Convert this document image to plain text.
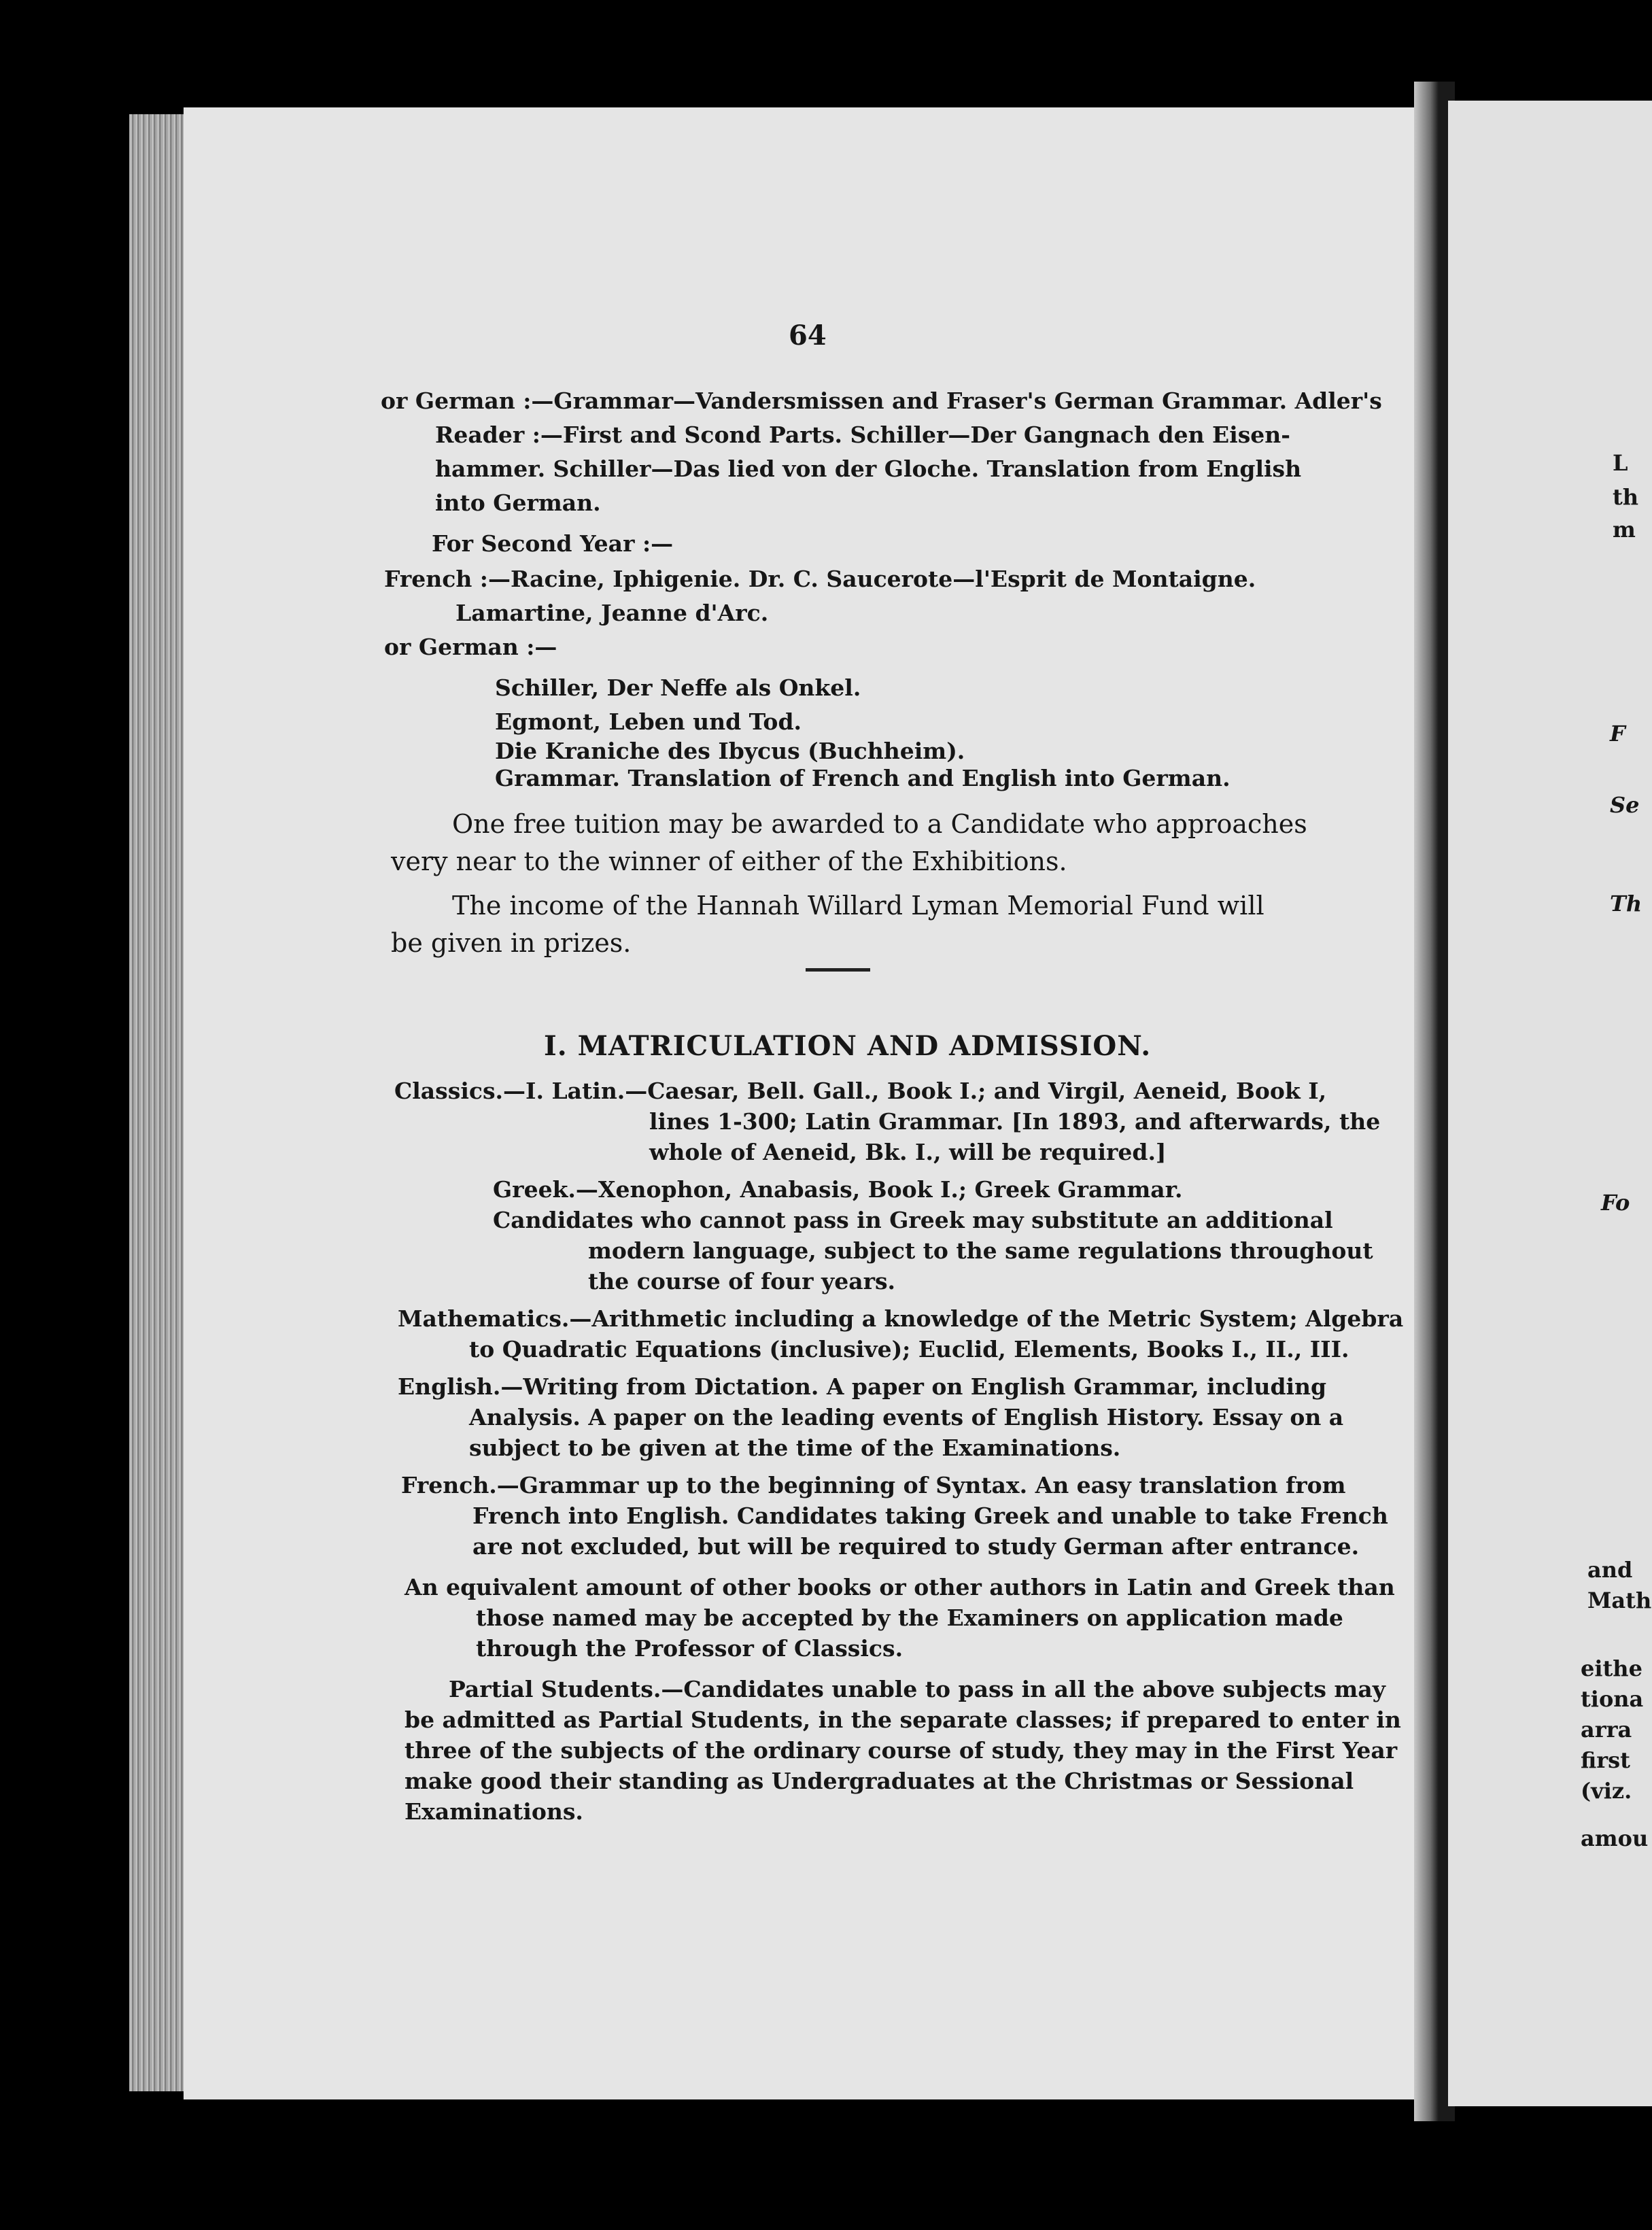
64
or German :—Grammar—Vandersmissen and Fraser's German Grammar. Adler's
Reader :—First and Scond Parts. Schiller—Der Gangnach den Eisen-
hammer. Schiller—Das lied von der Gloche. Translation from English
into German.
For Second Year :—
French :—Racine, Iphigenie. Dr. C. Saucerote—l'Esprit de Montaigne.
Lamartine, Jeanne d'Arc.
or German :—
Schiller, Der Neffe als Onkel.
Egmont, Leben und Tod.
Die Kraniche des Ibycus (Buchheim).
Grammar. Translation of French and English into German.
One free tuition may be awarded to a Candidate who approaches
very near to the winner of either of the Exhibitions.
The income of the Hannah Willard Lyman Memorial Fund will
be given in prizes.
I. MATRICULATION AND ADMISSION.
Classics.—I. Latin.—Caesar, Bell. Gall., Book I.; and Virgil, Aeneid, Book I,
lines 1-300; Latin Grammar. [In 1893, and afterwards, the
whole of Aeneid, Bk. I., will be required.]
Greek.—Xenophon, Anabasis, Book I.; Greek Grammar.
Candidates who cannot pass in Greek may substitute an additional
modern language, subject to the same regulations throughout
the course of four years.
Mathematics.—Arithmetic including a knowledge of the Metric System; Algebra
to Quadratic Equations (inclusive); Euclid, Elements, Books I., II., III.
English.—Writing from Dictation. A paper on English Grammar, including
Analysis. A paper on the leading events of English History. Essay on a
subject to be given at the time of the Examinations.
French.—Grammar up to the beginning of Syntax. An easy translation from
French into English. Candidates taking Greek and unable to take French
are not excluded, but will be required to study German after entrance.
An equivalent amount of other books or other authors in Latin and Greek than
those named may be accepted by the Examiners on application made
through the Professor of Classics.
Partial Students.—Candidates unable to pass in all the above subjects may
be admitted as Partial Students, in the separate classes; if prepared to enter in
three of the subjects of the ordinary course of study, they may in the First Year
make good their standing as Undergraduates at the Christmas or Sessional
Examinations.
L
th
m
F
Se
Th
Fo
and
Math
eithe
tiona
arra
first
(viz.
amou
